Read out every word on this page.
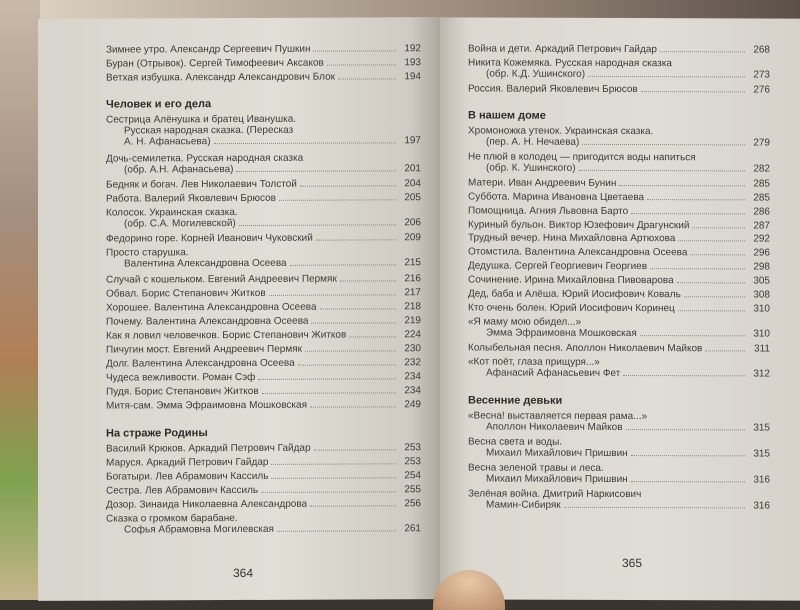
Зимнее утро. Александр Сергеевич Пушкин	192
Буран (Отрывок). Сергей Тимофеевич Аксаков	193
Ветхая избушка. Александр Александрович Блок	194
Человек и его дела
Сестрица Алёнушка и братец Иванушка.
Русская народная сказка. (Пересказ
А. Н. Афанасьева)	197
Дочь-семилетка. Русская народная сказка
(обр. А.Н. Афанасьева)	201
Бедняк и богач. Лев Николаевич Толстой	204
Работа. Валерий Яковлевич Брюсов	205
Колосок. Украинская сказка.
(обр. С.А. Могилевской)	206
Федорино горе. Корней Иванович Чуковский	209
Просто старушка.
Валентина Александровна Осеева	215
Случай с кошельком. Евгений Андреевич Пермяк	216
Обвал. Борис Степанович Житков	217
Хорошее. Валентина Александровна Осеева	218
Почему. Валентина Александровна Осеева	219
Как я ловил человечков. Борис Степанович Житков	224
Пичугин мост. Евгений Андреевич Пермяк	230
Долг. Валентина Александровна Осеева	232
Чудеса вежливости. Роман Сэф	234
Пудя. Борис Степанович Житков	234
Митя-сам. Эмма Эфраимовна Мошковская	249
На страже Родины
Василий Крюков. Аркадий Петрович Гайдар	253
Маруся. Аркадий Петрович Гайдар	253
Богатыри. Лев Абрамович Кассиль	254
Сестра. Лев Абрамович Кассиль	255
Дозор. Зинаида Николаевна Александрова	256
Сказка о громком барабане.
Софья Абрамовна Могилевская	261
364
Война и дети. Аркадий Петрович Гайдар	268
Никита Кожемяка. Русская народная сказка
(обр. К.Д. Ушинского)	273
Россия. Валерий Яковлевич Брюсов	276
В нашем доме
Хромоножка утенок. Украинская сказка.
(пер. А. Н. Нечаева)	279
Не плюй в колодец — пригодится воды напиться
(обр. К. Ушинского)	282
Матери. Иван Андреевич Бунин	285
Суббота. Марина Ивановна Цветаева	285
Помощница. Агния Львовна Барто	286
Куриный бульон. Виктор Юзефович Драгунский	287
Трудный вечер. Нина Михайловна Артюхова	292
Отомстила. Валентина Александровна Осеева	296
Дедушка. Сергей Георгиевич Георгиев	298
Сочинение. Ирина Михайловна Пивоварова	305
Дед, баба и Алёша. Юрий Иосифович Коваль	308
Кто очень болен. Юрий Иосифович Коринец	310
«Я маму мою обидел...»
Эмма Эфраимовна Мошковская	310
Колыбельная песня. Аполлон Николаевич Майков	311
«Кот поёт, глаза прищуря...»
Афанасий Афанасьевич Фет	312
Весенние девьки
«Весна! выставляется первая рама...»
Аполлон Николаевич Майков	315
Весна света и воды.
Михаил Михайлович Пришвин	315
Весна зеленой травы и леса.
Михаил Михайлович Пришвин	316
Зелёная война. Дмитрий Наркисович
Мамин-Сибиряк	316
365
